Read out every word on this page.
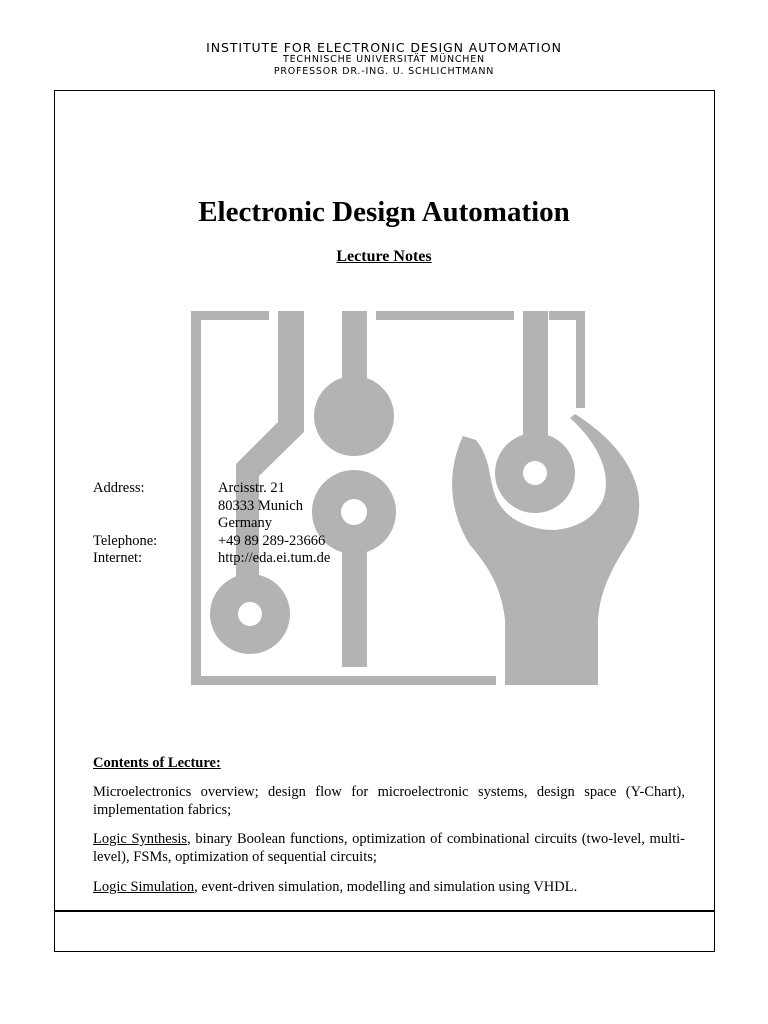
INSTITUTE FOR ELECTRONIC DESIGN AUTOMATION
TECHNISCHE UNIVERSITÄT MÜNCHEN
PROFESSOR DR.-ING. U. SCHLICHTMANN
Electronic Design Automation
Lecture Notes
Address:	Arcisstr. 21
80333 Munich
Germany
Telephone:	+49 89 289-23666
Internet:	http://eda.ei.tum.de
Contents of Lecture:
Microelectronics overview; design flow for microelectronic systems, design space (Y-Chart), implementation fabrics;
Logic Synthesis, binary Boolean functions, optimization of combinational circuits (two-level, multi-level), FSMs, optimization of sequential circuits;
Logic Simulation, event-driven simulation, modelling and simulation using VHDL.
